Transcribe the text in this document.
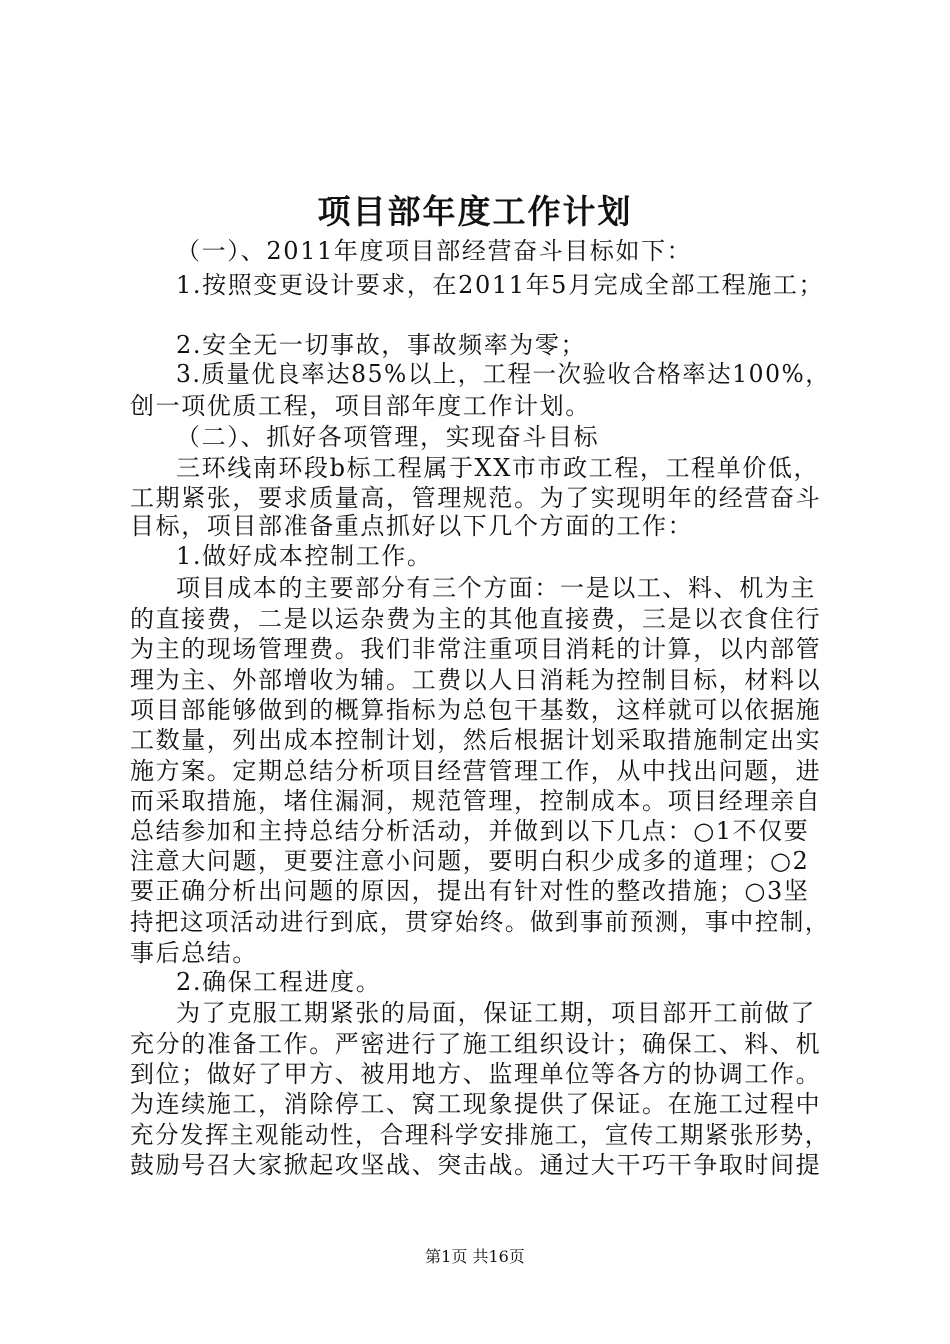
项目部年度工作计划
（一）、2011年度项目部经营奋斗目标如下：
1.按照变更设计要求，在2011年5月完成全部工程施工；
2.安全无一切事故，事故频率为零；
3.质量优良率达85%以上，工程一次验收合格率达100%，
创一项优质工程，项目部年度工作计划。
（二）、抓好各项管理，实现奋斗目标
三环线南环段b标工程属于XX市市政工程，工程单价低，
工期紧张，要求质量高，管理规范。为了实现明年的经营奋斗
目标，项目部准备重点抓好以下几个方面的工作：
1.做好成本控制工作。
项目成本的主要部分有三个方面：一是以工、料、机为主
的直接费，二是以运杂费为主的其他直接费，三是以衣食住行
为主的现场管理费。我们非常注重项目消耗的计算，以内部管
理为主、外部增收为辅。工费以人日消耗为控制目标，材料以
项目部能够做到的概算指标为总包干基数，这样就可以依据施
工数量，列出成本控制计划，然后根据计划采取措施制定出实
施方案。定期总结分析项目经营管理工作，从中找出问题，进
而采取措施，堵住漏洞，规范管理，控制成本。项目经理亲自
总结参加和主持总结分析活动，并做到以下几点：○1不仅要
注意大问题，更要注意小问题，要明白积少成多的道理；○2
要正确分析出问题的原因，提出有针对性的整改措施；○3坚
持把这项活动进行到底，贯穿始终。做到事前预测，事中控制，
事后总结。
2.确保工程进度。
为了克服工期紧张的局面，保证工期，项目部开工前做了
充分的准备工作。严密进行了施工组织设计；确保工、料、机
到位；做好了甲方、被用地方、监理单位等各方的协调工作。
为连续施工，消除停工、窝工现象提供了保证。在施工过程中
充分发挥主观能动性，合理科学安排施工，宣传工期紧张形势，
鼓励号召大家掀起攻坚战、突击战。通过大干巧干争取时间提
第1页 共16页
